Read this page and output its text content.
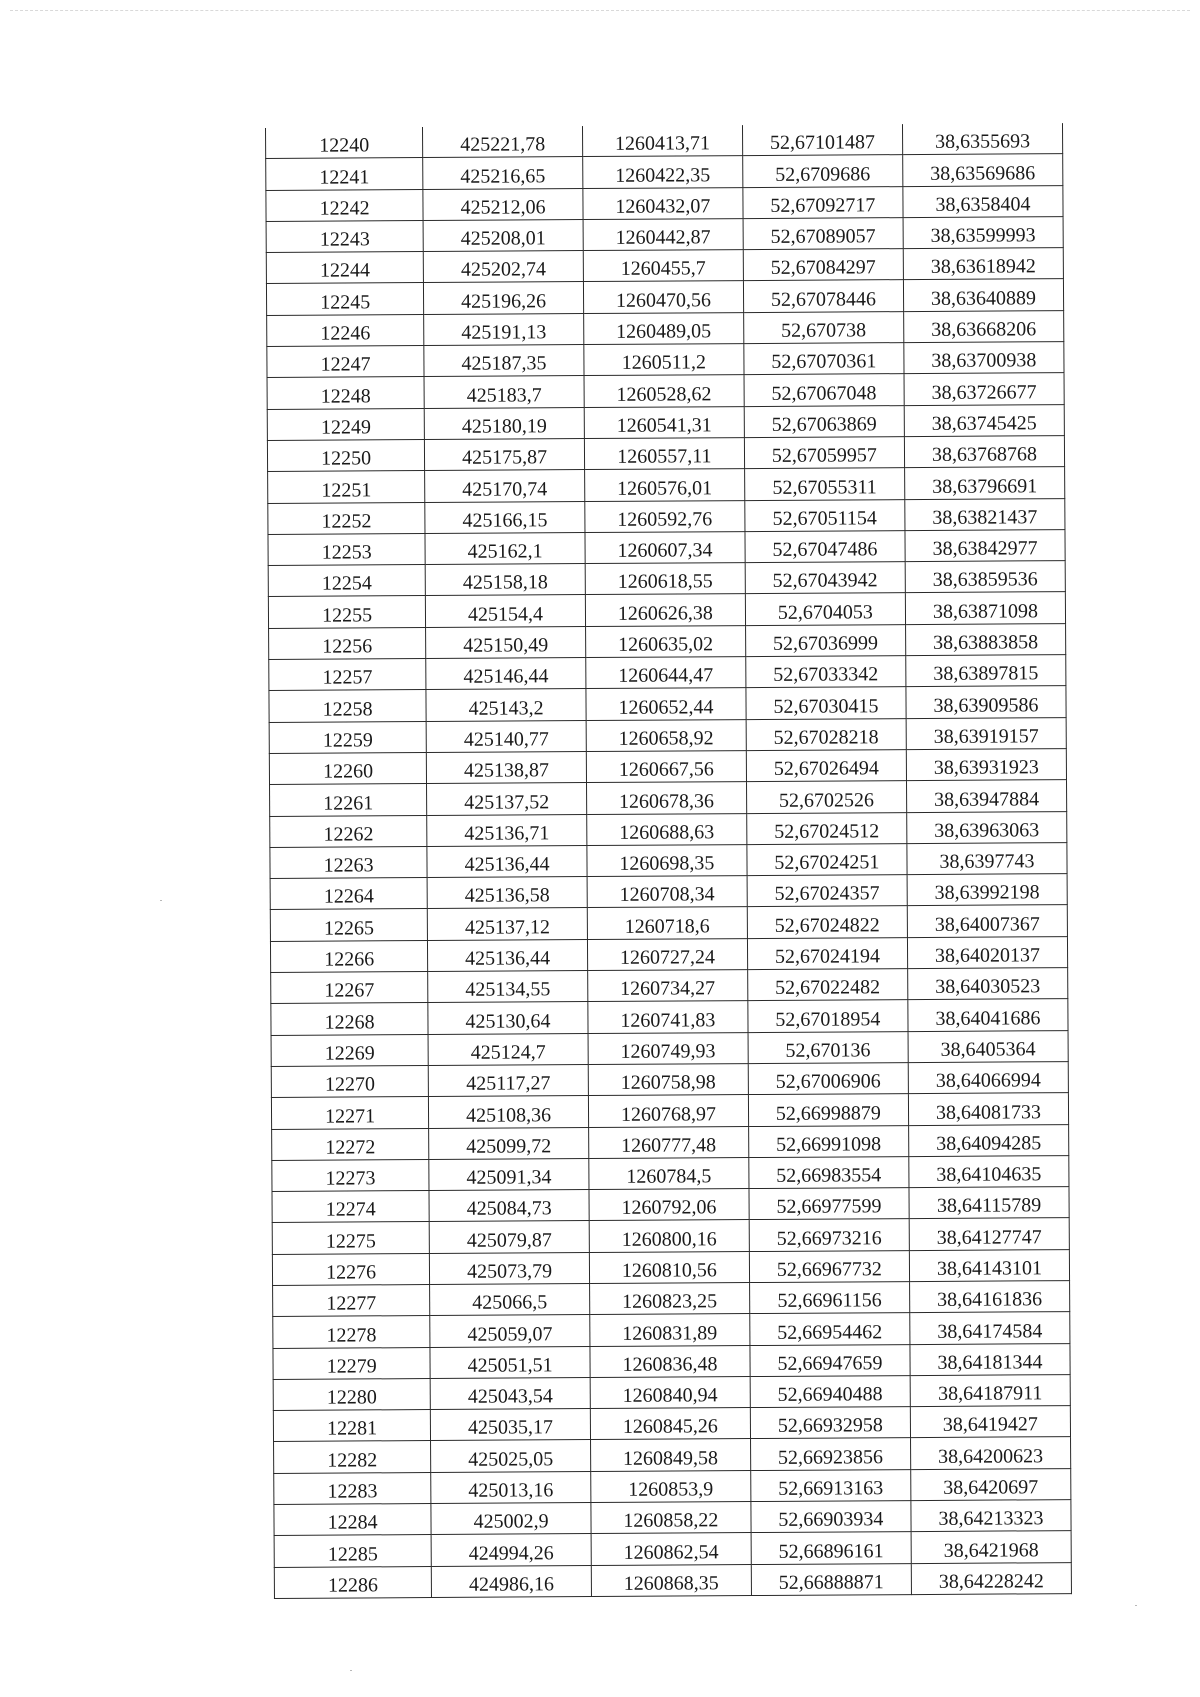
12240	425221,78	1260413,71	52,67101487	38,6355693
12241	425216,65	1260422,35	52,6709686	38,63569686
12242	425212,06	1260432,07	52,67092717	38,6358404
12243	425208,01	1260442,87	52,67089057	38,63599993
12244	425202,74	1260455,7	52,67084297	38,63618942
12245	425196,26	1260470,56	52,67078446	38,63640889
12246	425191,13	1260489,05	52,670738	38,63668206
12247	425187,35	1260511,2	52,67070361	38,63700938
12248	425183,7	1260528,62	52,67067048	38,63726677
12249	425180,19	1260541,31	52,67063869	38,63745425
12250	425175,87	1260557,11	52,67059957	38,63768768
12251	425170,74	1260576,01	52,67055311	38,63796691
12252	425166,15	1260592,76	52,67051154	38,63821437
12253	425162,1	1260607,34	52,67047486	38,63842977
12254	425158,18	1260618,55	52,67043942	38,63859536
12255	425154,4	1260626,38	52,6704053	38,63871098
12256	425150,49	1260635,02	52,67036999	38,63883858
12257	425146,44	1260644,47	52,67033342	38,63897815
12258	425143,2	1260652,44	52,67030415	38,63909586
12259	425140,77	1260658,92	52,67028218	38,63919157
12260	425138,87	1260667,56	52,67026494	38,63931923
12261	425137,52	1260678,36	52,6702526	38,63947884
12262	425136,71	1260688,63	52,67024512	38,63963063
12263	425136,44	1260698,35	52,67024251	38,6397743
12264	425136,58	1260708,34	52,67024357	38,63992198
12265	425137,12	1260718,6	52,67024822	38,64007367
12266	425136,44	1260727,24	52,67024194	38,64020137
12267	425134,55	1260734,27	52,67022482	38,64030523
12268	425130,64	1260741,83	52,67018954	38,64041686
12269	425124,7	1260749,93	52,670136	38,6405364
12270	425117,27	1260758,98	52,67006906	38,64066994
12271	425108,36	1260768,97	52,66998879	38,64081733
12272	425099,72	1260777,48	52,66991098	38,64094285
12273	425091,34	1260784,5	52,66983554	38,64104635
12274	425084,73	1260792,06	52,66977599	38,64115789
12275	425079,87	1260800,16	52,66973216	38,64127747
12276	425073,79	1260810,56	52,66967732	38,64143101
12277	425066,5	1260823,25	52,66961156	38,64161836
12278	425059,07	1260831,89	52,66954462	38,64174584
12279	425051,51	1260836,48	52,66947659	38,64181344
12280	425043,54	1260840,94	52,66940488	38,64187911
12281	425035,17	1260845,26	52,66932958	38,6419427
12282	425025,05	1260849,58	52,66923856	38,64200623
12283	425013,16	1260853,9	52,66913163	38,6420697
12284	425002,9	1260858,22	52,66903934	38,64213323
12285	424994,26	1260862,54	52,66896161	38,6421968
12286	424986,16	1260868,35	52,66888871	38,64228242
